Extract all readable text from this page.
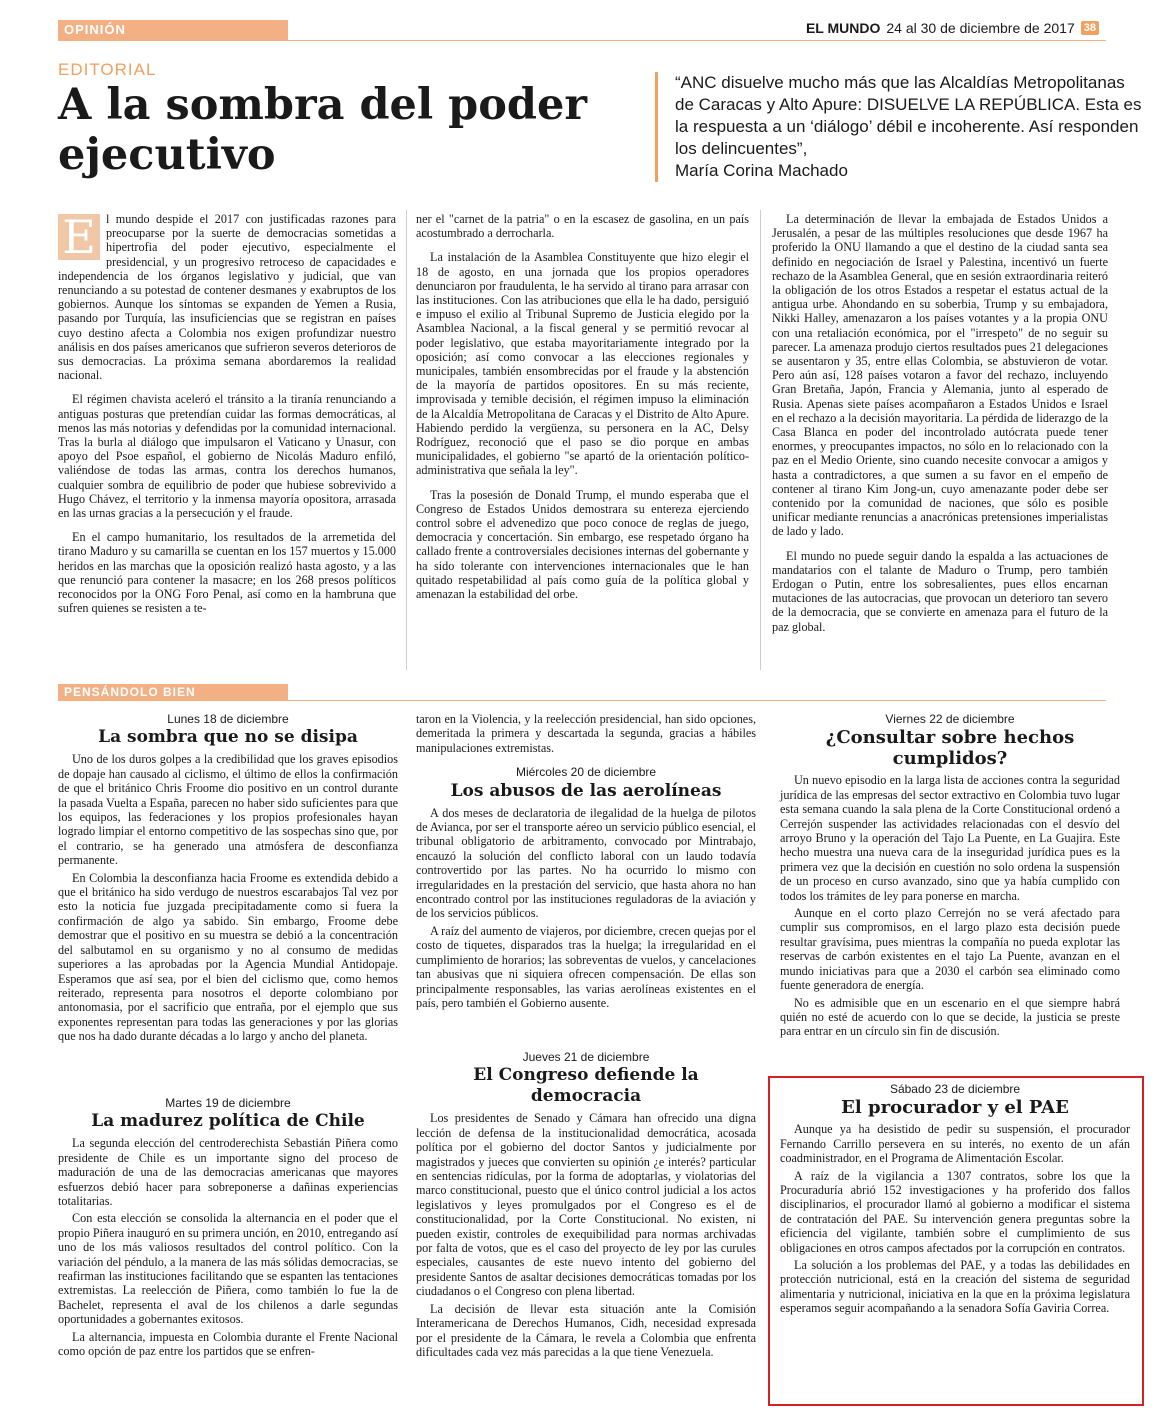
OPINIÓN	EL MUNDO 24 al 30 de diciembre de 2017 38
EDITORIAL
A la sombra del poder ejecutivo
“ANC disuelve mucho más que las Alcaldías Metropolitanas de Caracas y Alto Apure: DISUELVE LA REPÚBLICA. Esta es la respuesta a un ‘diálogo’ débil e incoherente. Así responden los delincuentes”,
María Corina Machado

E l mundo despide el 2017 con justificadas razones para preocuparse por la suerte de democracias sometidas a hipertrofia del poder ejecutivo, especialmente el presidencial, y un progresivo retroceso de capacidades e independencia de los órganos legislativo y judicial, que van renunciando a su potestad de contener desmanes y exabruptos de los gobiernos. Aunque los síntomas se expanden de Yemen a Rusia, pasando por Turquía, las insuficiencias que se registran en países cuyo destino afecta a Colombia nos exigen profundizar nuestro análisis en dos países americanos que sufrieron severos deterioros de sus democracias. La próxima semana abordaremos la realidad nacional.

El régimen chavista aceleró el tránsito a la tiranía renunciando a antiguas posturas que pretendían cuidar las formas democráticas, al menos las más notorias y defendidas por la comunidad internacional. Tras la burla al diálogo que impulsaron el Vaticano y Unasur, con apoyo del Psoe español, el gobierno de Nicolás Maduro enfiló, valiéndose de todas las armas, contra los derechos humanos, cualquier sombra de equilibrio de poder que hubiese sobrevivido a Hugo Chávez, el territorio y la inmensa mayoría opositora, arrasada en las urnas gracias a la persecución y el fraude.

En el campo humanitario, los resultados de la arremetida del tirano Maduro y su camarilla se cuentan en los 157 muertos y 15.000 heridos en las marchas que la oposición realizó hasta agosto, y a las que renunció para contener la masacre; en los 268 presos políticos reconocidos por la ONG Foro Penal, así como en la hambruna que sufren quienes se resisten a te-

ner el "carnet de la patria" o en la escasez de gasolina, en un país acostumbrado a derrocharla.

La instalación de la Asamblea Constituyente que hizo elegir el 18 de agosto, en una jornada que los propios operadores denunciaron por fraudulenta, le ha servido al tirano para arrasar con las instituciones. Con las atribuciones que ella le ha dado, persiguió e impuso el exilio al Tribunal Supremo de Justicia elegido por la Asamblea Nacional, a la fiscal general y se permitió revocar al poder legislativo, que estaba mayoritariamente integrado por la oposición; así como convocar a las elecciones regionales y municipales, también ensombrecidas por el fraude y la abstención de la mayoría de partidos opositores. En su más reciente, improvisada y temible decisión, el régimen impuso la eliminación de la Alcaldía Metropolitana de Caracas y el Distrito de Alto Apure. Habiendo perdido la vergüenza, su personera en la AC, Delsy Rodríguez, reconoció que el paso se dio porque en ambas municipalidades, el gobierno "se apartó de la orientación político-administrativa que señala la ley".

Tras la posesión de Donald Trump, el mundo esperaba que el Congreso de Estados Unidos demostrara su entereza ejerciendo control sobre el advenedizo que poco conoce de reglas de juego, democracia y concertación. Sin embargo, ese respetado órgano ha callado frente a controversiales decisiones internas del gobernante y ha sido tolerante con intervenciones internacionales que le han quitado respetabilidad al país como guía de la política global y amenazan la estabilidad del orbe.

La determinación de llevar la embajada de Estados Unidos a Jerusalén, a pesar de las múltiples resoluciones que desde 1967 ha proferido la ONU llamando a que el destino de la ciudad santa sea definido en negociación de Israel y Palestina, incentivó un fuerte rechazo de la Asamblea General, que en sesión extraordinaria reiteró la obligación de los otros Estados a respetar el estatus actual de la antigua urbe. Ahondando en su soberbia, Trump y su embajadora, Nikki Halley, amenazaron a los países votantes y a la propia ONU con una retaliación económica, por el "irrespeto" de no seguir su parecer. La amenaza produjo ciertos resultados pues 21 delegaciones se ausentaron y 35, entre ellas Colombia, se abstuvieron de votar. Pero aún así, 128 países votaron a favor del rechazo, incluyendo Gran Bretaña, Japón, Francia y Alemania, junto al esperado de Rusia. Apenas siete países acompañaron a Estados Unidos e Israel en el rechazo a la decisión mayoritaria. La pérdida de liderazgo de la Casa Blanca en poder del incontrolado autócrata puede tener enormes, y preocupantes impactos, no sólo en lo relacionado con la paz en el Medio Oriente, sino cuando necesite convocar a amigos y hasta a contradictores, a que sumen a su favor en el empeño de contener al tirano Kim Jong-un, cuyo amenazante poder debe ser contenido por la comunidad de naciones, que sólo es posible unificar mediante renuncias a anacrónicas pretensiones imperialistas de lado y lado.

El mundo no puede seguir dando la espalda a las actuaciones de mandatarios con el talante de Maduro o Trump, pero también Erdogan o Putin, entre los sobresalientes, pues ellos encarnan mutaciones de las autocracias, que provocan un deterioro tan severo de la democracia, que se convierte en amenaza para el futuro de la paz global.

PENSÁNDOLO BIEN
Lunes 18 de diciembre
La sombra que no se disipa

Uno de los duros golpes a la credibilidad que los graves episodios de dopaje han causado al ciclismo, el último de ellos la confirmación de que el británico Chris Froome dio positivo en un control durante la pasada Vuelta a España, parecen no haber sido suficientes para que los equipos, las federaciones y los propios profesionales hayan logrado limpiar el entorno competitivo de las sospechas sino que, por el contrario, se ha generado una atmósfera de desconfianza permanente.

En Colombia la desconfianza hacia Froome es extendida debido a que el británico ha sido verdugo de nuestros escarabajos Tal vez por esto la noticia fue juzgada precipitadamente como si fuera la confirmación de algo ya sabido. Sin embargo, Froome debe demostrar que el positivo en su muestra se debió a la concentración del salbutamol en su organismo y no al consumo de medidas superiores a las aprobadas por la Agencia Mundial Antidopaje. Esperamos que así sea, por el bien del ciclismo que, como hemos reiterado, representa para nosotros el deporte colombiano por antonomasia, por el sacrificio que entraña, por el ejemplo que sus exponentes representan para todas las generaciones y por las glorias que nos ha dado durante décadas a lo largo y ancho del planeta.

Martes 19 de diciembre
La madurez política de Chile

La segunda elección del centroderechista Sebastián Piñera como presidente de Chile es un importante signo del proceso de maduración de una de las democracias americanas que mayores esfuerzos debió hacer para sobreponerse a dañinas experiencias totalitarias.

Con esta elección se consolida la alternancia en el poder que el propio Piñera inauguró en su primera unción, en 2010, entregando así uno de los más valiosos resultados del control político. Con la variación del péndulo, a la manera de las más sólidas democracias, se reafirman las instituciones facilitando que se espanten las tentaciones extremistas. La reelección de Piñera, como también lo fue la de Bachelet, representa el aval de los chilenos a darle segundas oportunidades a gobernantes exitosos.

La alternancia, impuesta en Colombia durante el Frente Nacional como opción de paz entre los partidos que se enfren-

taron en la Violencia, y la reelección presidencial, han sido opciones, demeritada la primera y descartada la segunda, gracias a hábiles manipulaciones extremistas.

Miércoles 20 de diciembre
Los abusos de las aerolíneas

A dos meses de declaratoria de ilegalidad de la huelga de pilotos de Avianca, por ser el transporte aéreo un servicio público esencial, el tribunal obligatorio de arbitramento, convocado por Mintrabajo, encauzó la solución del conflicto laboral con un laudo todavía controvertido por las partes. No ha ocurrido lo mismo con irregularidades en la prestación del servicio, que hasta ahora no han encontrado control por las instituciones reguladoras de la aviación y de los servicios públicos.

A raíz del aumento de viajeros, por diciembre, crecen quejas por el costo de tiquetes, disparados tras la huelga; la irregularidad en el cumplimiento de horarios; las sobreventas de vuelos, y cancelaciones tan abusivas que ni siquiera ofrecen compensación. De ellas son principalmente responsables, las varias aerolíneas existentes en el país, pero también el Gobierno ausente.

Jueves 21 de diciembre
El Congreso defiende la democracia

Los presidentes de Senado y Cámara han ofrecido una digna lección de defensa de la institucionalidad democrática, acosada política por el gobierno del doctor Santos y judicialmente por magistrados y jueces que convierten su opinión ¿e interés? particular en sentencias ridículas, por la forma de adoptarlas, y violatorias del marco constitucional, puesto que el único control judicial a los actos legislativos y leyes promulgados por el Congreso es el de constitucionalidad, por la Corte Constitucional. No existen, ni pueden existir, controles de exequibilidad para normas archivadas por falta de votos, que es el caso del proyecto de ley por las curules especiales, causantes de este nuevo intento del gobierno del presidente Santos de asaltar decisiones democráticas tomadas por los ciudadanos o el Congreso con plena libertad.

La decisión de llevar esta situación ante la Comisión Interamericana de Derechos Humanos, Cidh, necesidad expresada por el presidente de la Cámara, le revela a Colombia que enfrenta dificultades cada vez más parecidas a la que tiene Venezuela.

Viernes 22 de diciembre
¿Consultar sobre hechos cumplidos?

Un nuevo episodio en la larga lista de acciones contra la seguridad jurídica de las empresas del sector extractivo en Colombia tuvo lugar esta semana cuando la sala plena de la Corte Constitucional ordenó a Cerrejón suspender las actividades relacionadas con el desvío del arroyo Bruno y la operación del Tajo La Puente, en La Guajira. Este hecho muestra una nueva cara de la inseguridad jurídica pues es la primera vez que la decisión en cuestión no solo ordena la suspensión de un proceso en curso avanzado, sino que ya había cumplido con todos los trámites de ley para ponerse en marcha.

Aunque en el corto plazo Cerrejón no se verá afectado para cumplir sus compromisos, en el largo plazo esta decisión puede resultar gravísima, pues mientras la compañía no pueda explotar las reservas de carbón existentes en el tajo La Puente, avanzan en el mundo iniciativas para que a 2030 el carbón sea eliminado como fuente generadora de energía.

No es admisible que en un escenario en el que siempre habrá quién no esté de acuerdo con lo que se decide, la justicia se preste para entrar en un círculo sin fin de discusión.

Sábado 23 de diciembre
El procurador y el PAE

Aunque ya ha desistido de pedir su suspensión, el procurador Fernando Carrillo persevera en su interés, no exento de un afán coadministrador, en el Programa de Alimentación Escolar.

A raíz de la vigilancia a 1307 contratos, sobre los que la Procuraduría abrió 152 investigaciones y ha proferido dos fallos disciplinarios, el procurador llamó al gobierno a modificar el sistema de contratación del PAE. Su intervención genera preguntas sobre la eficiencia del vigilante, también sobre el cumplimiento de sus obligaciones en otros campos afectados por la corrupción en contratos.

La solución a los problemas del PAE, y a todas las debilidades en protección nutricional, está en la creación del sistema de seguridad alimentaria y nutricional, iniciativa en la que en la próxima legislatura esperamos seguir acompañando a la senadora Sofía Gaviria Correa.
